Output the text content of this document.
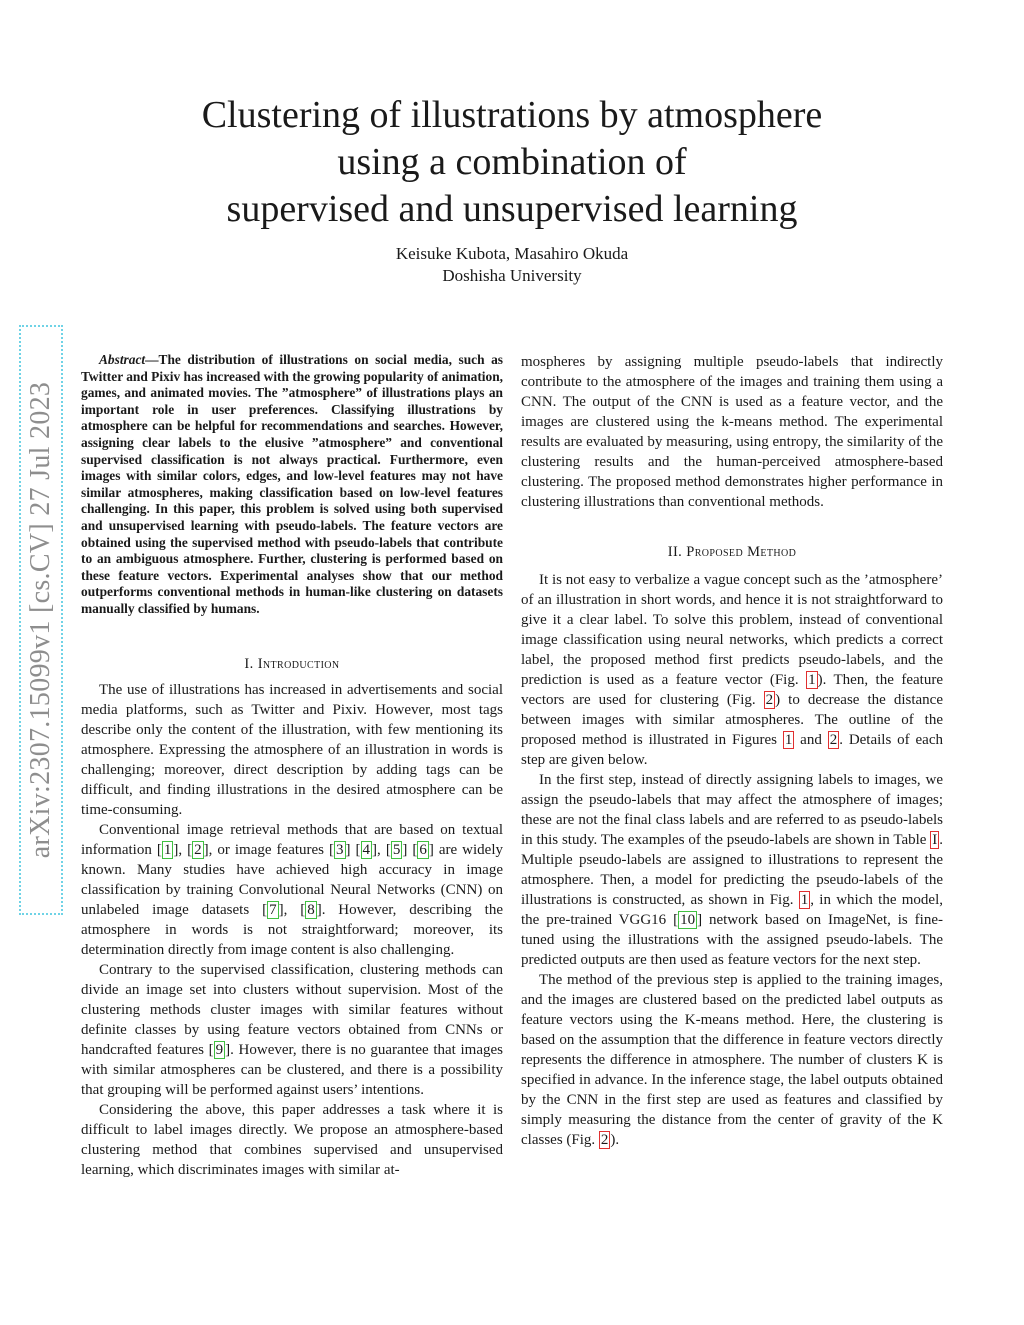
arXiv:2307.15099v1 [cs.CV] 27 Jul 2023
Clustering of illustrations by atmosphere
using a combination of
supervised and unsupervised learning
Keisuke Kubota, Masahiro Okuda
Doshisha University

Abstract—The distribution of illustrations on social media, such as Twitter and Pixiv has increased with the growing popularity of animation, games, and animated movies. The ”atmosphere” of illustrations plays an important role in user preferences. Classifying illustrations by atmosphere can be helpful for recommendations and searches. However, assigning clear labels to the elusive ”atmosphere” and conventional supervised classification is not always practical. Furthermore, even images with similar colors, edges, and low-level features may not have similar atmospheres, making classification based on low-level features challenging. In this paper, this problem is solved using both supervised and unsupervised learning with pseudo-labels. The feature vectors are obtained using the supervised method with pseudo-labels that contribute to an ambiguous atmosphere. Further, clustering is performed based on these feature vectors. Experimental analyses show that our method outperforms conventional methods in human-like clustering on datasets manually classified by humans.

I. Introduction

The use of illustrations has increased in advertisements and social media platforms, such as Twitter and Pixiv. However, most tags describe only the content of the illustration, with few mentioning its atmosphere. Expressing the atmosphere of an illustration in words is challenging; moreover, direct description by adding tags can be difficult, and finding illustrations in the desired atmosphere can be time-consuming.

Conventional image retrieval methods that are based on textual information [ 1 ], [ 2 ], or image features [ 3 ] [ 4 ], [ 5 ] [ 6 ] are widely known. Many studies have achieved high accuracy in image classification by training Convolutional Neural Networks (CNN) on unlabeled image datasets [ 7 ], [ 8 ]. However, describing the atmosphere in words is not straightforward; moreover, its determination directly from image content is also challenging.

Contrary to the supervised classification, clustering methods can divide an image set into clusters without supervision. Most of the clustering methods cluster images with similar features without definite classes by using feature vectors obtained from CNNs or handcrafted features [ 9 ]. However, there is no guarantee that images with similar atmospheres can be clustered, and there is a possibility that grouping will be performed against users’ intentions.

Considering the above, this paper addresses a task where it is difficult to label images directly. We propose an atmosphere-based clustering method that combines supervised and unsupervised learning, which discriminates images with similar at-

mospheres by assigning multiple pseudo-labels that indirectly contribute to the atmosphere of the images and training them using a CNN. The output of the CNN is used as a feature vector, and the images are clustered using the k-means method. The experimental results are evaluated by measuring, using entropy, the similarity of the clustering results and the human-perceived atmosphere-based clustering. The proposed method demonstrates higher performance in clustering illustrations than conventional methods.

II. Proposed Method

It is not easy to verbalize a vague concept such as the ’atmosphere’ of an illustration in short words, and hence it is not straightforward to give it a clear label. To solve this problem, instead of conventional image classification using neural networks, which predicts a correct label, the proposed method first predicts pseudo-labels, and the prediction is used as a feature vector (Fig. 1 ). Then, the feature vectors are used for clustering (Fig. 2 ) to decrease the distance between images with similar atmospheres. The outline of the proposed method is illustrated in Figures 1 and 2 . Details of each step are given below.

In the first step, instead of directly assigning labels to images, we assign the pseudo-labels that may affect the atmosphere of images; these are not the final class labels and are referred to as pseudo-labels in this study. The examples of the pseudo-labels are shown in Table I . Multiple pseudo-labels are assigned to illustrations to represent the atmosphere. Then, a model for predicting the pseudo-labels of the illustrations is constructed, as shown in Fig. 1 , in which the model, the pre-trained VGG16 [ 10 ] network based on ImageNet, is fine-tuned using the illustrations with the assigned pseudo-labels. The predicted outputs are then used as feature vectors for the next step.

The method of the previous step is applied to the training images, and the images are clustered based on the predicted label outputs as feature vectors using the K-means method. Here, the clustering is based on the assumption that the difference in feature vectors directly represents the difference in atmosphere. The number of clusters K is specified in advance. In the inference stage, the label outputs obtained by the CNN in the first step are used as features and classified by simply measuring the distance from the center of gravity of the K classes (Fig. 2 ).
